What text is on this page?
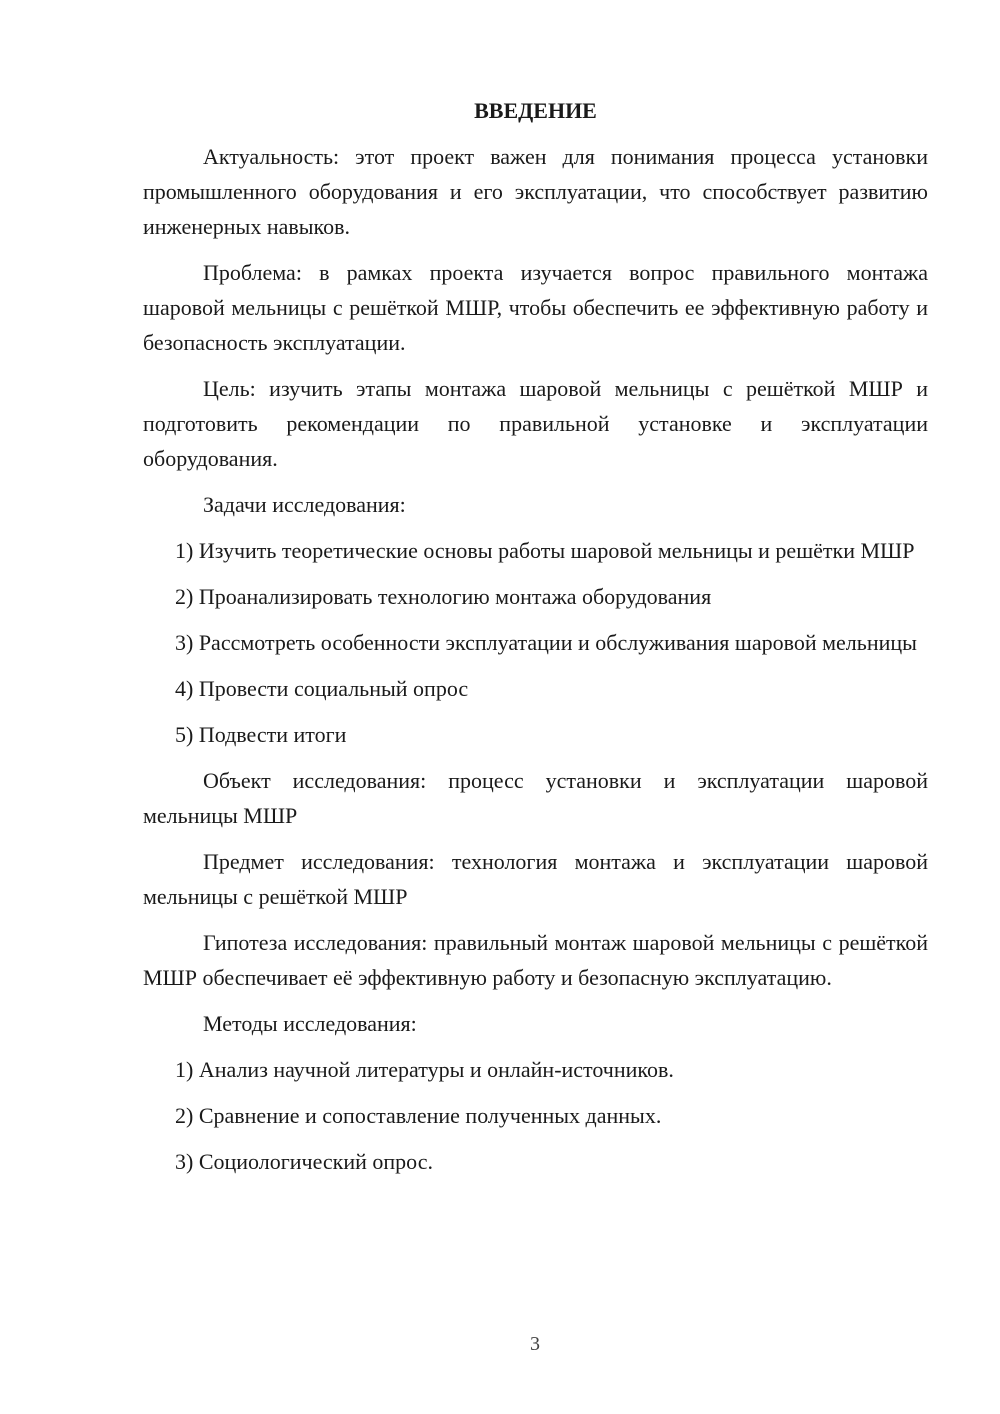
ВВЕДЕНИЕ

Актуальность: этот проект важен для понимания процесса установки промышленного оборудования и его эксплуатации, что способствует развитию инженерных навыков.

Проблема: в рамках проекта изучается вопрос правильного монтажа шаровой мельницы с решёткой МШР, чтобы обеспечить ее эффективную работу и безопасность эксплуатации.

Цель: изучить этапы монтажа шаровой мельницы с решёткой МШР и подготовить рекомендации по правильной установке и эксплуатации оборудования.

Задачи исследования:

1) Изучить теоретические основы работы шаровой мельницы и решётки МШР

2) Проанализировать технологию монтажа оборудования

3) Рассмотреть особенности эксплуатации и обслуживания шаровой мельницы

4) Провести социальный опрос

5) Подвести итоги

Объект исследования: процесс установки и эксплуатации шаровой мельницы МШР

Предмет исследования: технология монтажа и эксплуатации шаровой мельницы с решёткой МШР

Гипотеза исследования: правильный монтаж шаровой мельницы с решёткой МШР обеспечивает её эффективную работу и безопасную эксплуатацию.

Методы исследования:

1) Анализ научной литературы и онлайн-источников.

2) Сравнение и сопоставление полученных данных.

3) Социологический опрос.

3
